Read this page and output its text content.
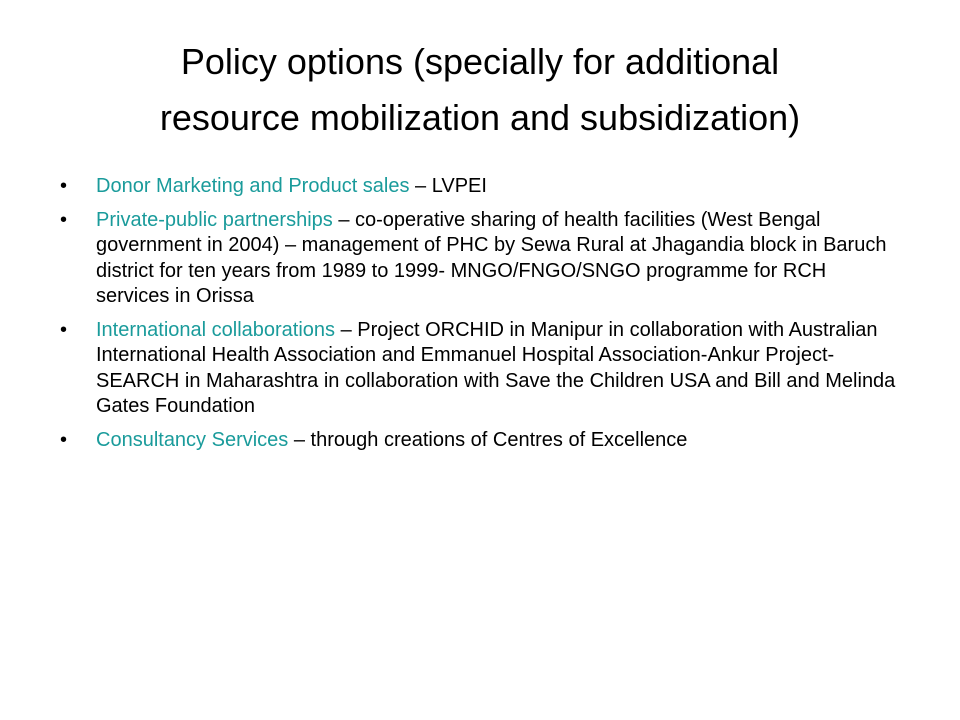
Policy options (specially for additional
resource mobilization and subsidization)
• Donor Marketing and Product sales – LVPEI
• Private-public partnerships – co-operative sharing of health facilities (West Bengal government in 2004) – management of PHC by Sewa Rural at Jhagandia block in Baruch district for ten years from 1989 to 1999- MNGO/FNGO/SNGO programme for RCH services in Orissa
• International collaborations – Project ORCHID in Manipur in collaboration with Australian International Health Association and Emmanuel Hospital Association-Ankur Project-SEARCH in Maharashtra in collaboration with Save the Children USA and Bill and Melinda Gates Foundation
• Consultancy Services – through creations of Centres of Excellence
